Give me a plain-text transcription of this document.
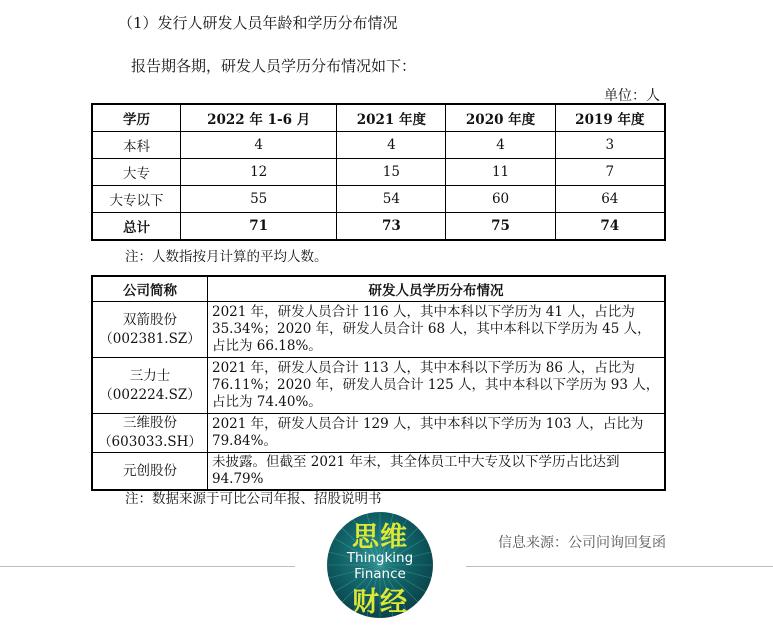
（1）发行人研发人员年龄和学历分布情况
报告期各期，研发人员学历分布情况如下：
单位：人
学历	2022 年 1-6 月	2021 年度	2020 年度	2019 年度
本科	4	4	4	3
大专	12	15	11	7
大专以下	55	54	60	64
总计	71	73	75	74
注：人数指按月计算的平均人数。
公司简称	研发人员学历分布情况

双箭股份
（002381.SZ）	2021 年，研发人员合计 116 人，其中本科以下学历为 41 人，占比为 35.34%；2020 年，研发人员合计 68 人，其中本科以下学历为 45 人，占比为 66.18%。

三力士
（002224.SZ）	2021 年，研发人员合计 113 人，其中本科以下学历为 86 人，占比为 76.11%；2020 年，研发人员合计 125 人，其中本科以下学历为 93 人，占比为 74.40%。

三维股份
（603033.SH）	2021 年，研发人员合计 129 人，其中本科以下学历为 103 人，占比为 79.84%。

元创股份	未披露。但截至 2021 年末，其全体员工中大专及以下学历占比达到 94.79%
注：数据来源于可比公司年报、招股说明书
信息来源：公司问询回复函
思维
Thingking
Finance
财经
